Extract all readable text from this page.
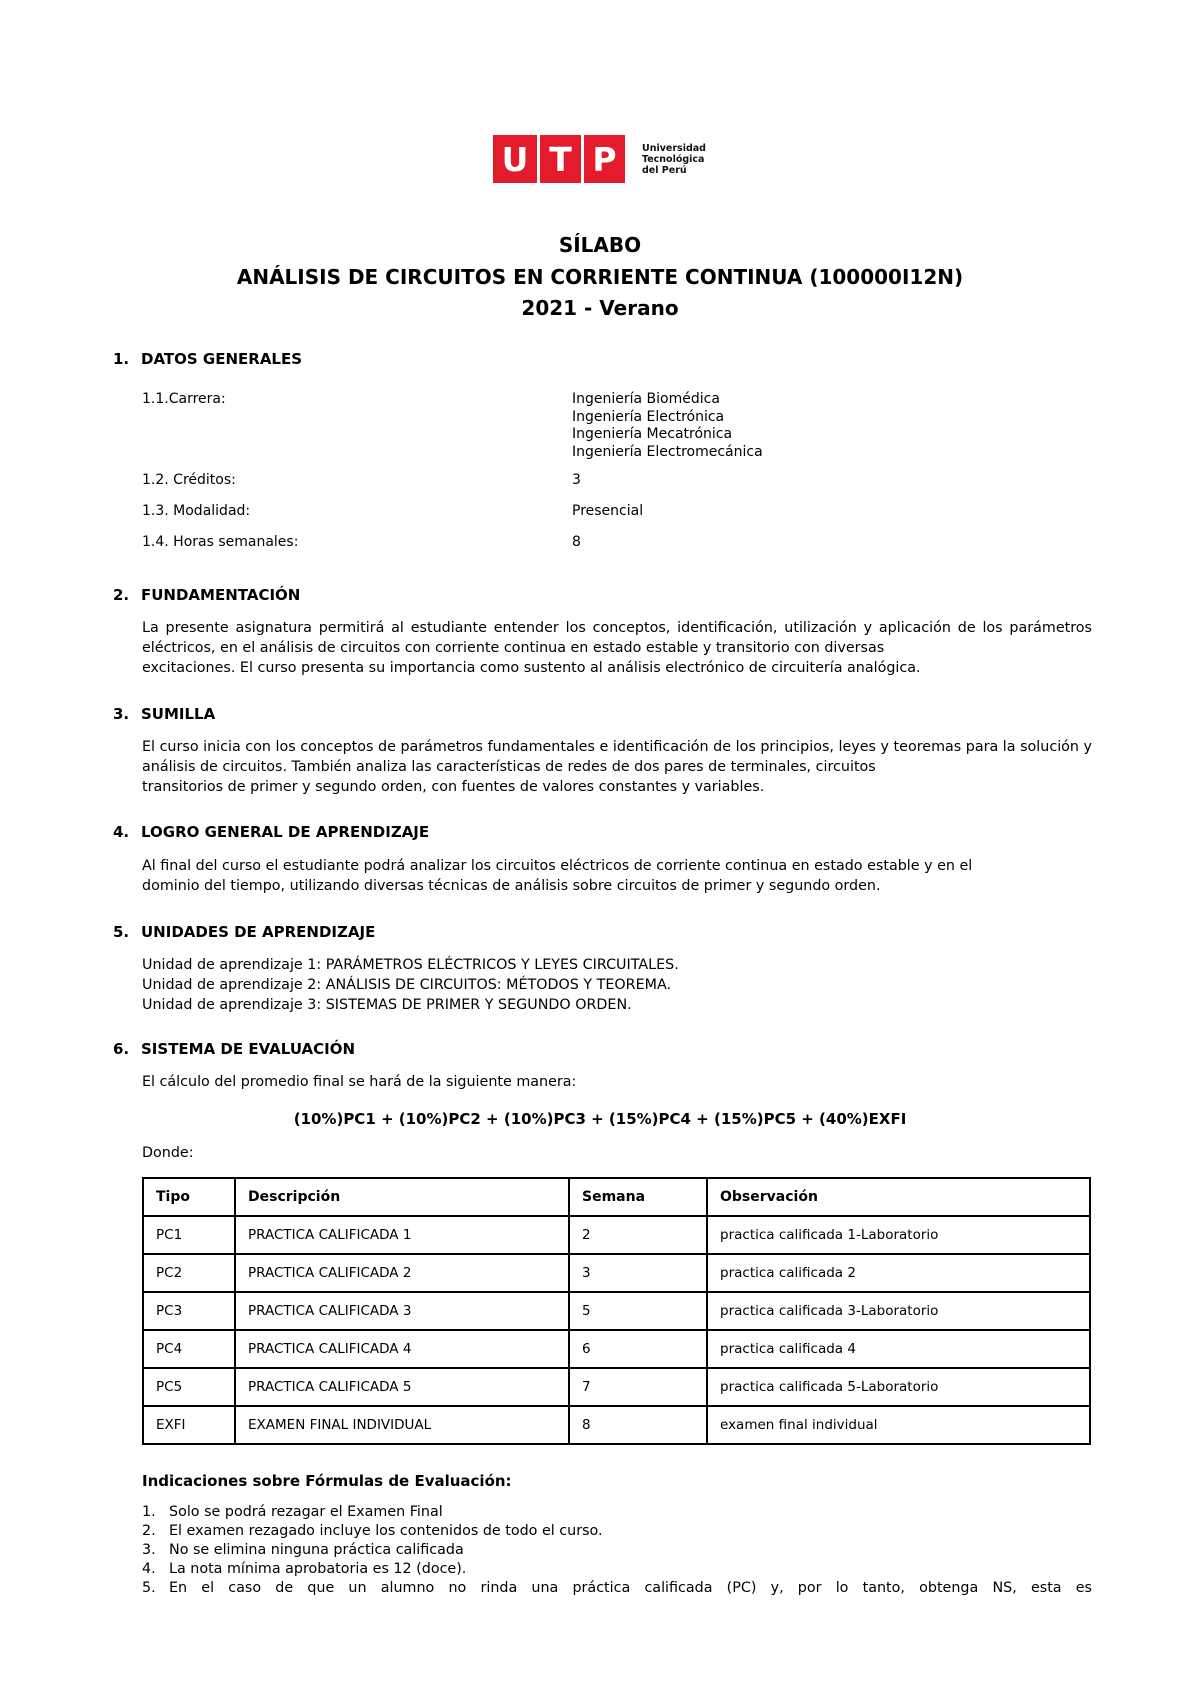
U T P	Universidad
Tecnológica
del Perú
SÍLABO
ANÁLISIS DE CIRCUITOS EN CORRIENTE CONTINUA (100000I12N)
2021 - Verano
1. DATOS GENERALES
1.1.Carrera:	Ingeniería Biomédica
Ingeniería Electrónica
Ingeniería Mecatrónica
Ingeniería Electromecánica
1.2. Créditos:	3
1.3. Modalidad:	Presencial
1.4. Horas semanales:	8
2. FUNDAMENTACIÓN
La presente asignatura permitirá al estudiante entender los conceptos, identificación, utilización y aplicación de los parámetros eléctricos, en el análisis de circuitos con corriente continua en estado estable y transitorio con diversas
excitaciones. El curso presenta su importancia como sustento al análisis electrónico de circuitería analógica.
3. SUMILLA
El curso inicia con los conceptos de parámetros fundamentales e identificación de los principios, leyes y teoremas para la solución y análisis de circuitos. También analiza las características de redes de dos pares de terminales, circuitos
transitorios de primer y segundo orden, con fuentes de valores constantes y variables.
4. LOGRO GENERAL DE APRENDIZAJE
Al final del curso el estudiante podrá analizar los circuitos eléctricos de corriente continua en estado estable y en el
dominio del tiempo, utilizando diversas técnicas de análisis sobre circuitos de primer y segundo orden.
5. UNIDADES DE APRENDIZAJE
Unidad de aprendizaje 1: PARÁMETROS ELÉCTRICOS Y LEYES CIRCUITALES.
Unidad de aprendizaje 2: ANÁLISIS DE CIRCUITOS: MÉTODOS Y TEOREMA.
Unidad de aprendizaje 3: SISTEMAS DE PRIMER Y SEGUNDO ORDEN.
6. SISTEMA DE EVALUACIÓN
El cálculo del promedio final se hará de la siguiente manera:
(10%)PC1 + (10%)PC2 + (10%)PC3 + (15%)PC4 + (15%)PC5 + (40%)EXFI
Donde:
Tipo	Descripción	Semana	Observación
PC1	PRACTICA CALIFICADA 1	2	practica calificada 1-Laboratorio
PC2	PRACTICA CALIFICADA 2	3	practica calificada 2
PC3	PRACTICA CALIFICADA 3	5	practica calificada 3-Laboratorio
PC4	PRACTICA CALIFICADA 4	6	practica calificada 4
PC5	PRACTICA CALIFICADA 5	7	practica calificada 5-Laboratorio
EXFI	EXAMEN FINAL INDIVIDUAL	8	examen final individual
Indicaciones sobre Fórmulas de Evaluación:
1. Solo se podrá rezagar el Examen Final
2. El examen rezagado incluye los contenidos de todo el curso.
3. No se elimina ninguna práctica calificada
4. La nota mínima aprobatoria es 12 (doce).
5. En el caso de que un alumno no rinda una práctica calificada (PC) y, por lo tanto, obtenga NS, esta es
